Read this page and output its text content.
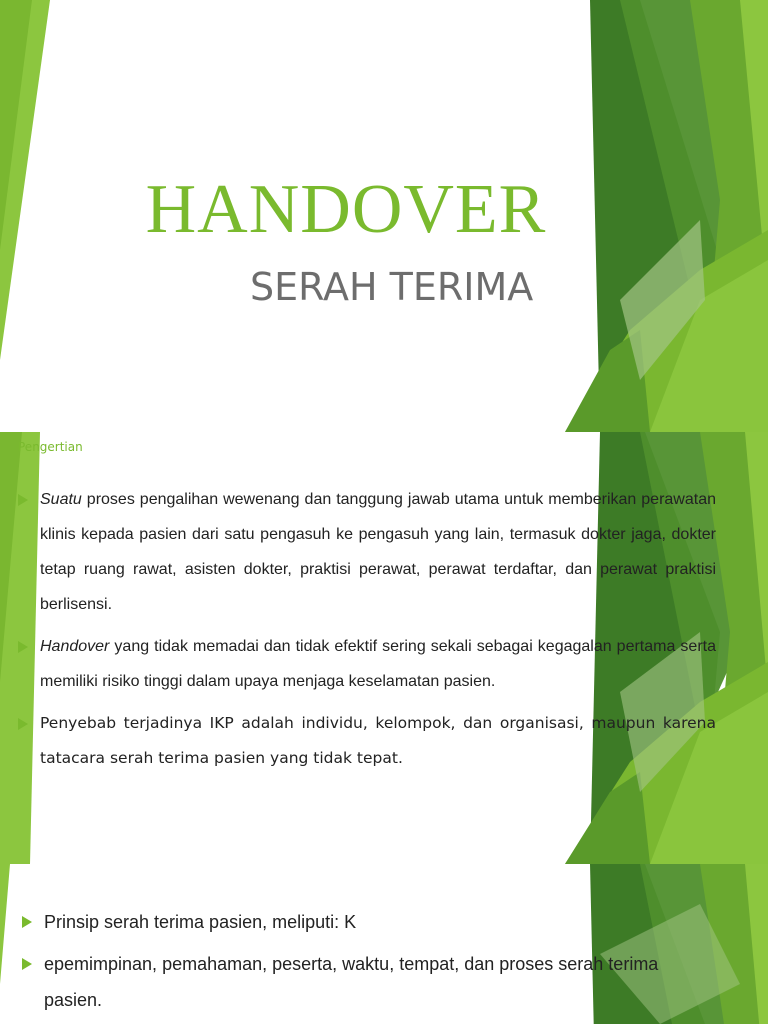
HANDOVER
SERAH TERIMA
Pengertian
Suatu proses pengalihan wewenang dan tanggung jawab utama untuk memberikan perawatan klinis kepada pasien dari satu pengasuh ke pengasuh yang lain, termasuk dokter jaga, dokter tetap ruang rawat, asisten dokter, praktisi perawat, perawat terdaftar, dan perawat praktisi berlisensi.
Handover yang tidak memadai dan tidak efektif sering sekali sebagai kegagalan pertama serta memiliki risiko tinggi dalam upaya menjaga keselamatan pasien.
Penyebab terjadinya IKP adalah individu, kelompok, dan organisasi, maupun karena tatacara serah terima pasien yang tidak tepat.
Prinsip serah terima pasien, meliputi: K
epemimpinan, pemahaman, peserta, waktu, tempat, dan proses serah terima pasien.
